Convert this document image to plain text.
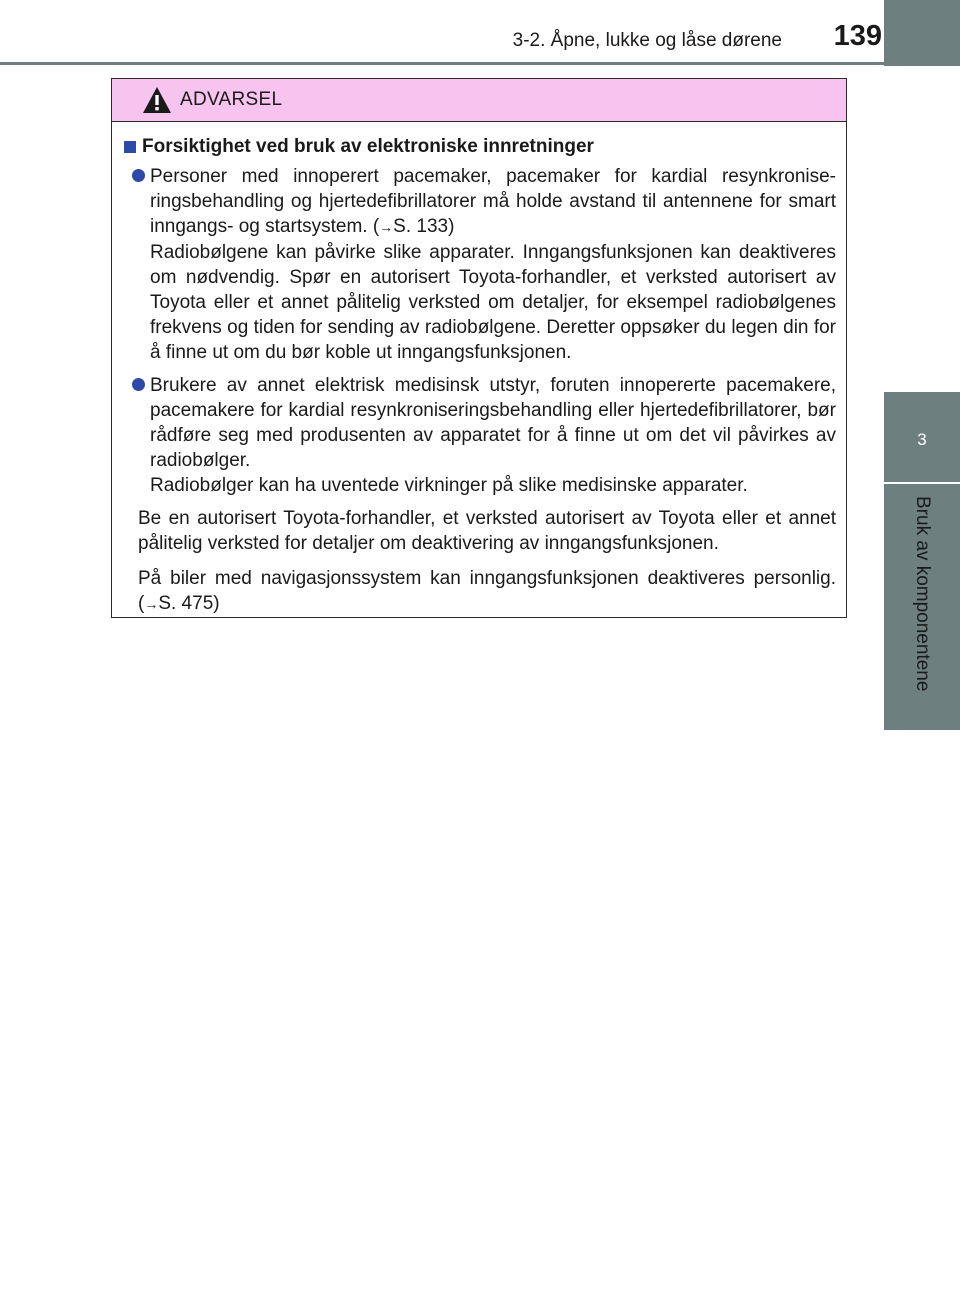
3-2. Åpne, lukke og låse dørene 139
3
Bruk av komponentene
ADVARSEL
Forsiktighet ved bruk av elektroniske innretninger

Personer med innoperert pacemaker, pacemaker for kardial resynkroniseringsbehandling og hjertedefibrillatorer må holde avstand til antennene for smart inngangs- og startsystem. (→S. 133)

Radiobølgene kan påvirke slike apparater. Inngangsfunksjonen kan deaktiveres om nødvendig. Spør en autorisert Toyota-forhandler, et verksted autorisert av Toyota eller et annet pålitelig verksted om detaljer, for eksempel radiobølgenes frekvens og tiden for sending av radiobølgene. Deretter oppsøker du legen din for å finne ut om du bør koble ut inngangsfunksjonen.

Brukere av annet elektrisk medisinsk utstyr, foruten innopererte pacemakere, pacemakere for kardial resynkroniseringsbehandling eller hjertedefibrillatorer, bør rådføre seg med produsenten av apparatet for å finne ut om det vil påvirkes av radiobølger.

Radiobølger kan ha uventede virkninger på slike medisinske apparater.

Be en autorisert Toyota-forhandler, et verksted autorisert av Toyota eller et annet pålitelig verksted for detaljer om deaktivering av inngangsfunksjonen.

På biler med navigasjonssystem kan inngangsfunksjonen deaktiveres personlig. (→S. 475)
